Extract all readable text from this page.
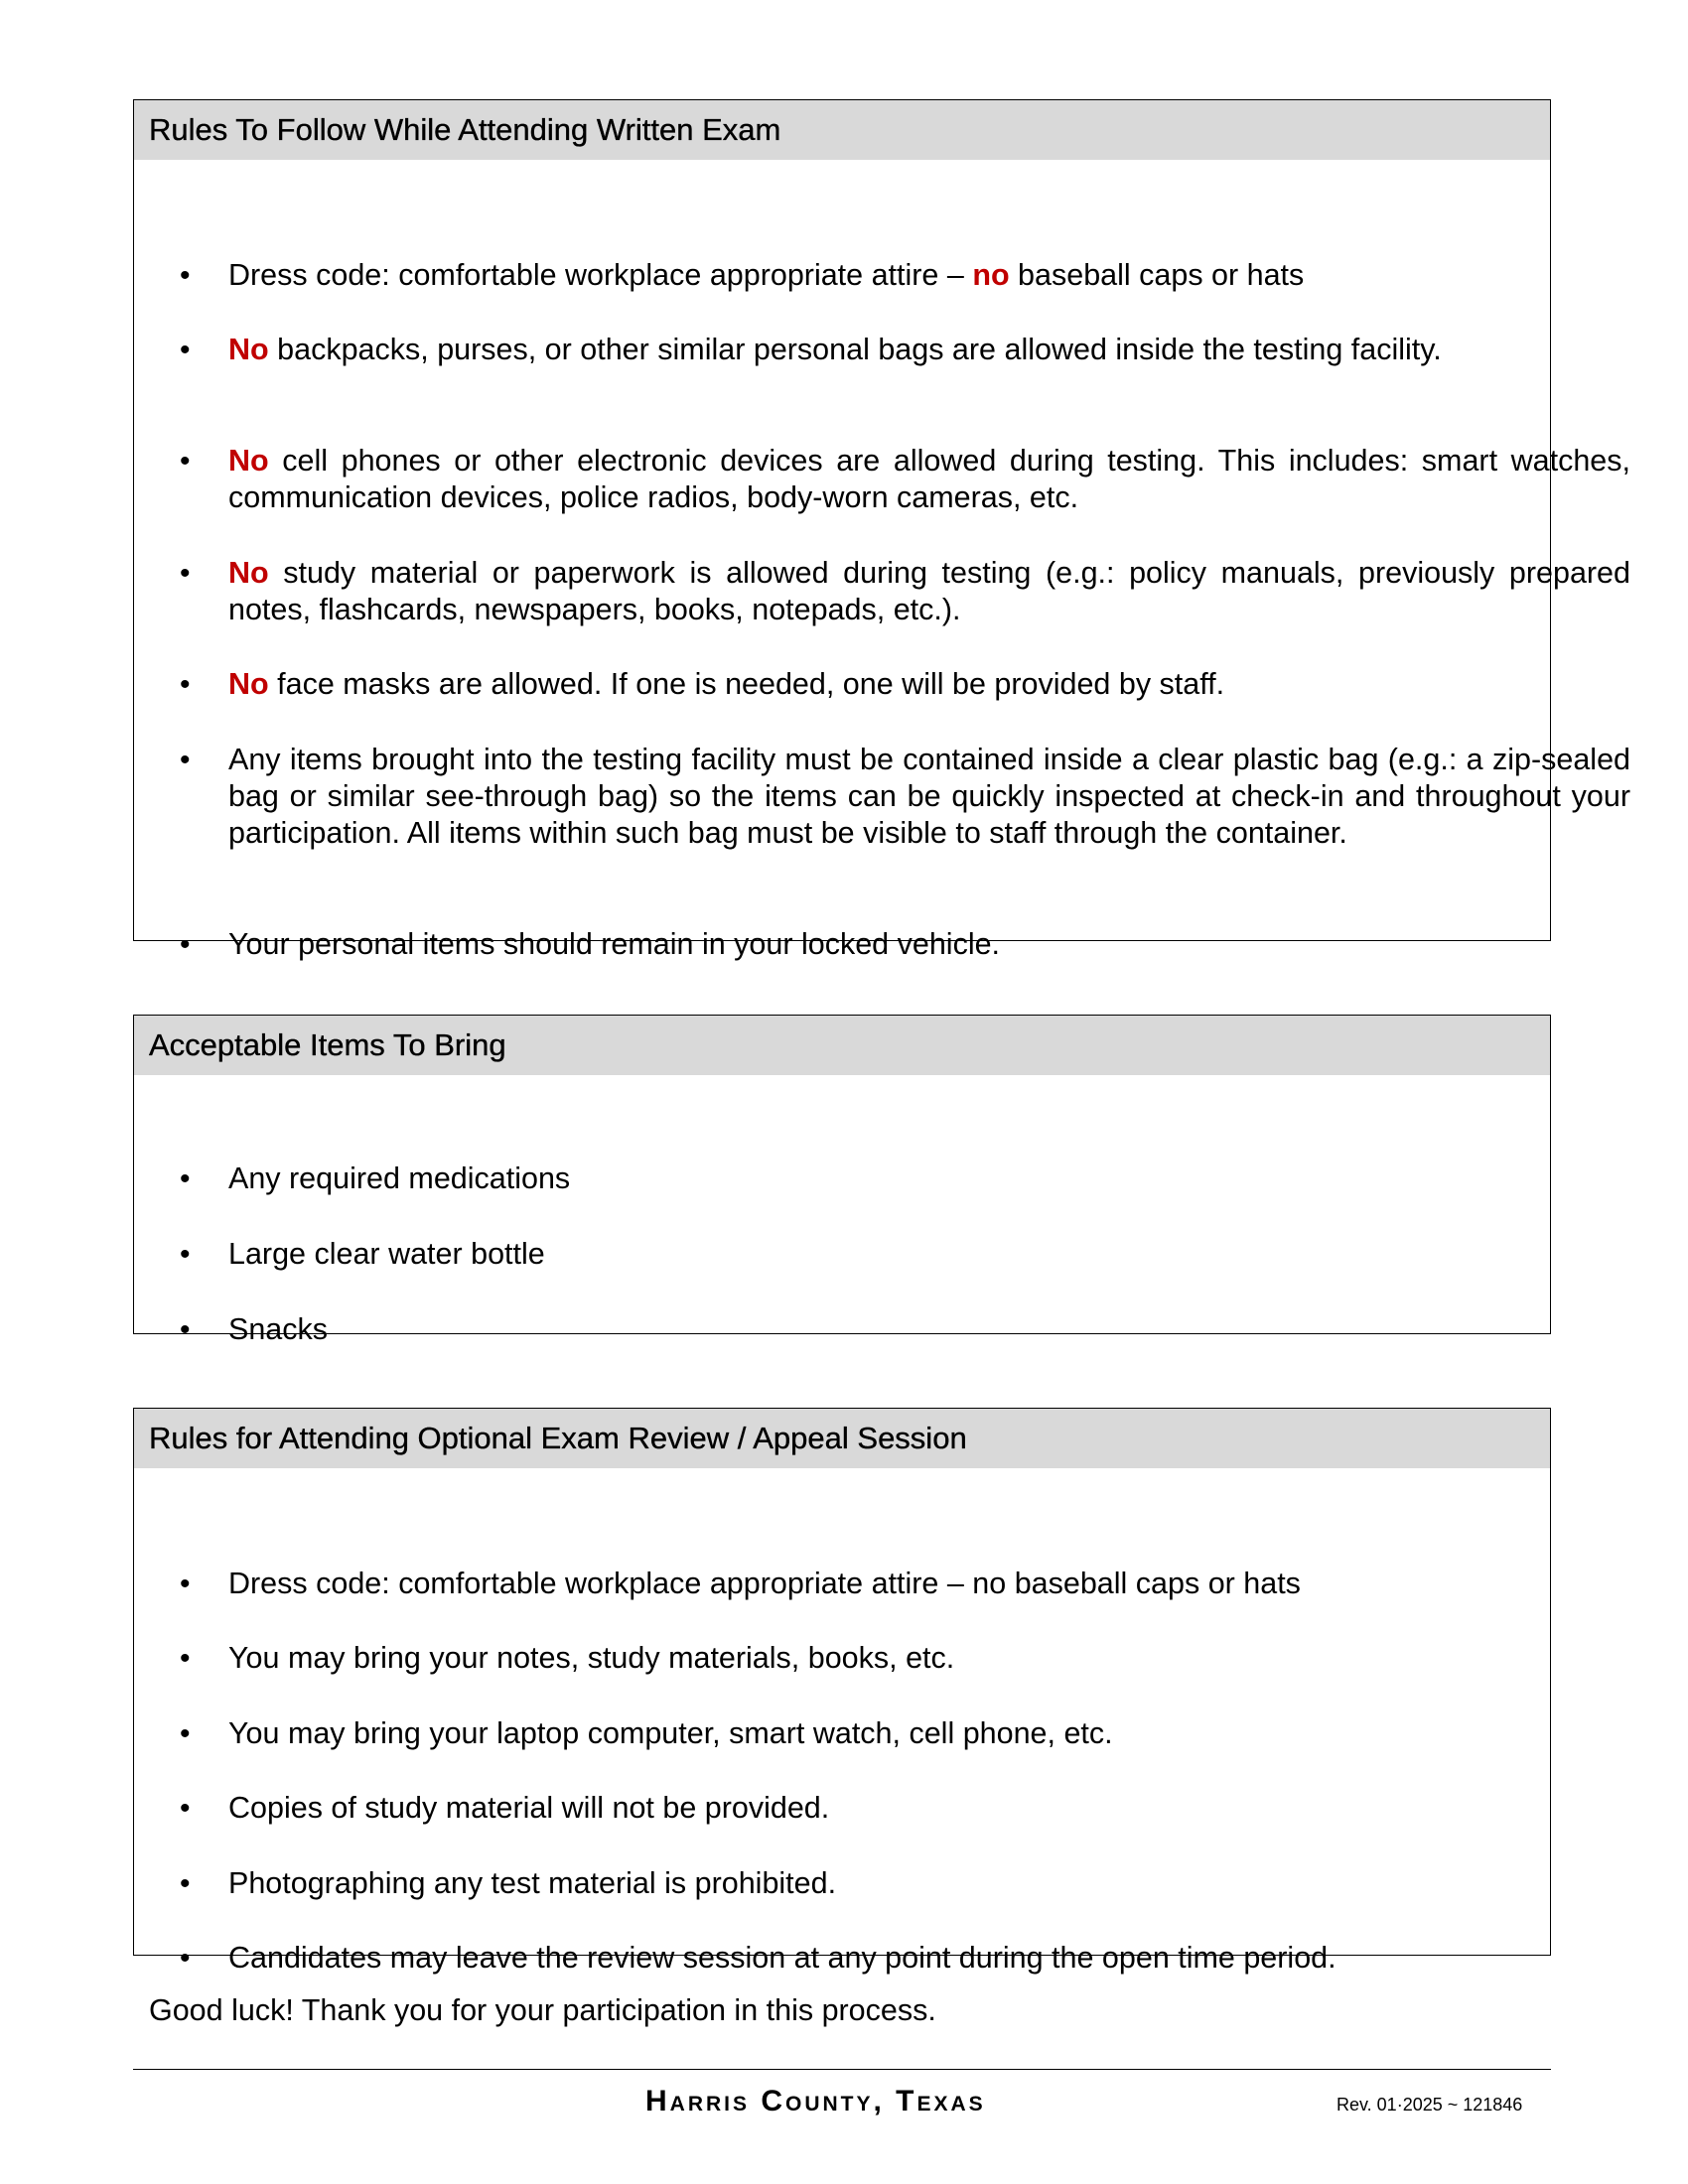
Rules To Follow While Attending Written Exam
• Dress code: comfortable workplace appropriate attire – no baseball caps or hats
• No backpacks, purses, or other similar personal bags are allowed inside the testing facility.
• No cell phones or other electronic devices are allowed during testing. This includes: smart watches, communication devices, police radios, body-worn cameras, etc.
• No study material or paperwork is allowed during testing (e.g.: policy manuals, previously prepared notes, flashcards, newspapers, books, notepads, etc.).
• No face masks are allowed. If one is needed, one will be provided by staff.
• Any items brought into the testing facility must be contained inside a clear plastic bag (e.g.: a zip-sealed bag or similar see-through bag) so the items can be quickly inspected at check-in and throughout your participation. All items within such bag must be visible to staff through the container.
• Your personal items should remain in your locked vehicle.
Acceptable Items To Bring
• Any required medications
• Large clear water bottle
• Snacks
Rules for Attending Optional Exam Review / Appeal Session
• Dress code: comfortable workplace appropriate attire – no baseball caps or hats
• You may bring your notes, study materials, books, etc.
• You may bring your laptop computer, smart watch, cell phone, etc.
• Copies of study material will not be provided.
• Photographing any test material is prohibited.
• Candidates may leave the review session at any point during the open time period.
Good luck! Thank you for your participation in this process.
Harris County, Texas	Rev. 01·2025 ~ 121846
